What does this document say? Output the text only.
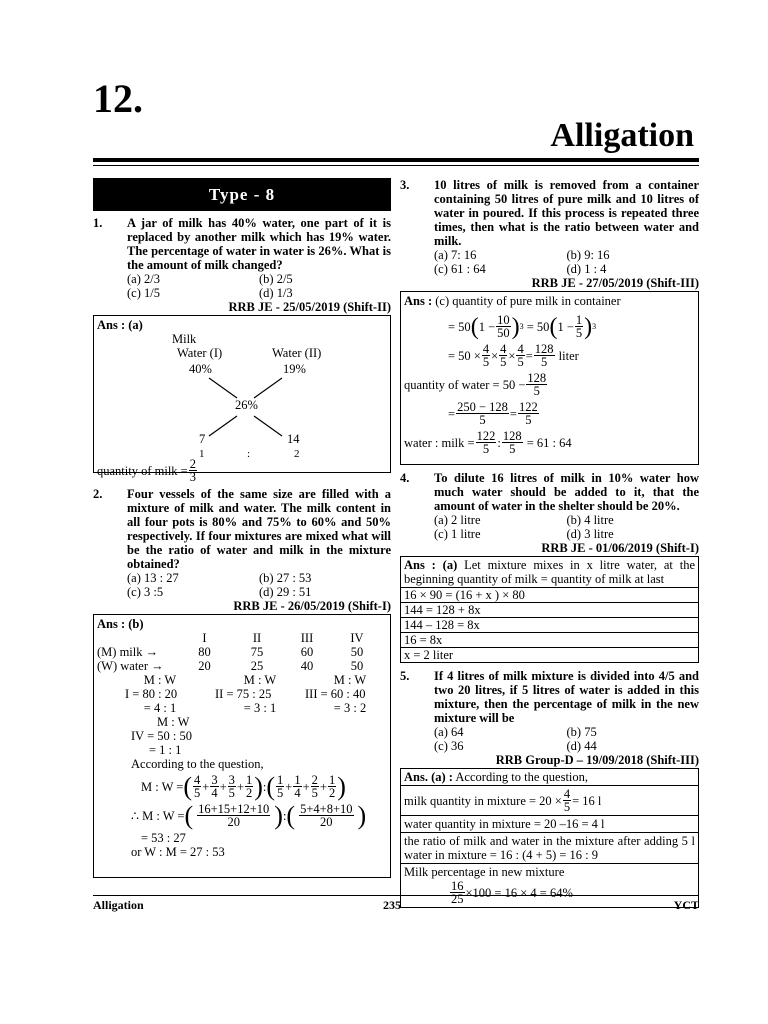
12.
Alligation
Type - 8
1.	A jar of milk has 40% water, one part of it is replaced by another milk which has 19% water. The percentage of water in water is 26%. What is the amount of milk changed?
(a) 2/3	(b) 2/5
(c) 1/5	(d) 1/3
RRB JE - 25/05/2019 (Shift-II)
Ans : (a)
Milk
Water (I)	Water (II)
40%	19%
26%
7	14
1	:	2
quantity of milk = $\frac{2}{3}$
2.	Four vessels of the same size are filled with a mixture of milk and water. The milk content in all four pots is 80% and 75% to 60% and 50% respectively. If four mixtures are mixed what will be the ratio of water and milk in the mixture obtained?
(a) 13 : 27	(b) 27 : 53
(c) 3 :5	(d) 29 : 51
RRB JE - 26/05/2019 (Shift-I)
Ans : (b)
I	II	III	IV
(M) milk →	80	75	60	50
(W) water →	20	25	40	50
M : W	M : W	M : W
I = 80 : 20	II = 75 : 25	III = 60 : 40
= 4 : 1	= 3 : 1	= 3 : 2
M : W
IV = 50 : 50
= 1 : 1
According to the question,
M : W = ( $\frac{4}{5} + \frac{3}{4} + \frac{3}{5} + \frac{1}{2}$ ) : ( $\frac{1}{5} + \frac{1}{4} + \frac{2}{5} + \frac{1}{2}$ )
∴ M : W = ( $\frac{16+15+12+10}{20}$ ) : ( $\frac{5+4+8+10}{20}$ )
= 53 : 27
or W : M = 27 : 53
3.	10 litres of milk is removed from a container containing 50 litres of pure milk and 10 litres of water in poured. If this process is repeated three times, then what is the ratio between water and milk.
(a) 7: 16	(b) 9: 16
(c) 61 : 64	(d) 1 : 4
RRB JE - 27/05/2019 (Shift-III)
Ans : (c) quantity of pure milk in container
= 50 ( $1 - \frac{10}{50}$ ) 3
= 50 ( $1 - \frac{1}{5}$ ) 3
= $50 \times \frac{4}{5} \times \frac{4}{5} \times \frac{4}{5} = \frac{128}{5}$
liter
quantity of water
= $50 - \frac{128}{5}$
= $\frac{250 - 128}{5} = \frac{122}{5}$
water : milk = $\frac{122}{5}$ : $\frac{128}{5}$
= 61 : 64
4.	To dilute 16 litres of milk in 10% water how much water should be added to it, that the amount of water in the shelter should be 20%.
(a) 2 litre	(b) 4 litre
(c) 1 litre	(d) 3 litre
RRB JE - 01/06/2019 (Shift-I)
Ans : (a) Let mixture mixes in x litre water, at the beginning quantity of milk = quantity of milk at last
16 × 90 = (16 + x ) × 80
144 = 128 + 8x
144 – 128 = 8x
16 = 8x
x = 2 liter
5.	If 4 litres of milk mixture is divided into 4/5 and two 20 litres, if 5 litres of water is added in this mixture, then the percentage of milk in the new mixture will be
(a) 64	(b) 75
(c) 36	(d) 44
RRB Group-D – 19/09/2018 (Shift-III)
Ans. (a) : According to the question,
milk quantity in mixture =
$20 \times \frac{4}{5} = 16$ l
water quantity in mixture = 20 –16 = 4 l
the ratio of milk and water in the mixture after adding 5 l water in mixture = 16 : (4 + 5) = 16 : 9
Milk percentage in new mixture
$\frac{16}{25} \times 100 = 16 \times 4 = 64\%$
Alligation	235	YCT
